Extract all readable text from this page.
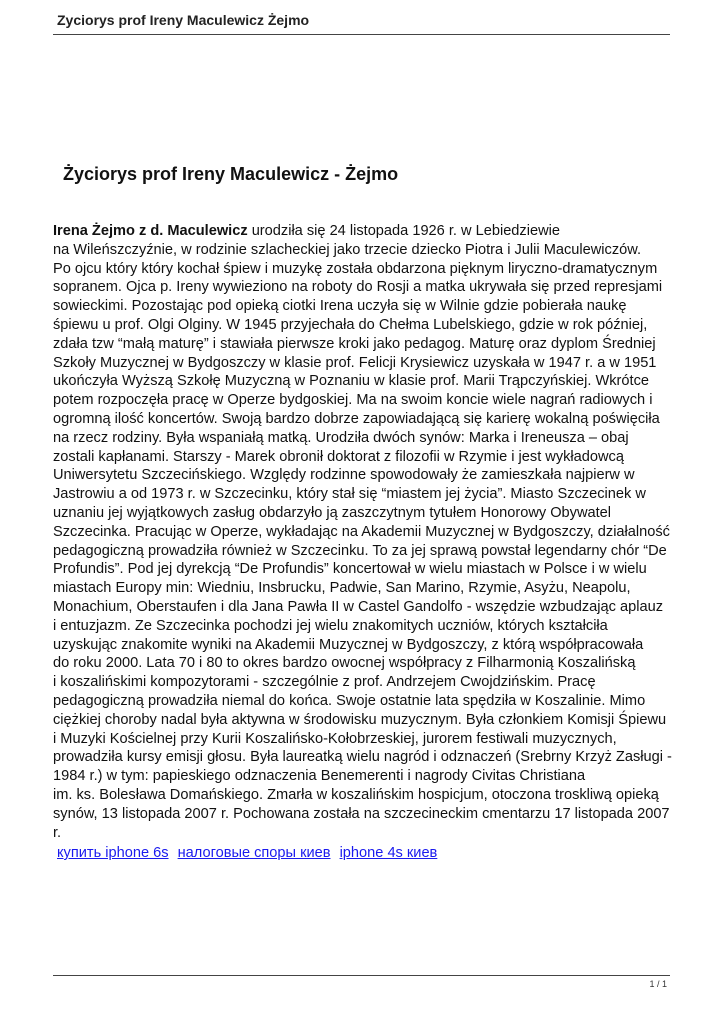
Zyciorys prof Ireny Maculewicz Żejmo
Życiorys prof Ireny Maculewicz - Żejmo
Irena Żejmo z d. Maculewicz urodziła się 24 listopada 1926 r. w Lebiedziewie
na Wileńszczyźnie, w rodzinie szlacheckiej jako trzecie dziecko Piotra i Julii Maculewiczów.
Po ojcu który który kochał śpiew i muzykę została obdarzona pięknym liryczno-dramatycznym
sopranem. Ojca p. Ireny wywieziono na roboty do Rosji a matka ukrywała się przed represjami
sowieckimi. Pozostając pod opieką ciotki Irena uczyła się w Wilnie gdzie pobierała naukę
śpiewu u prof. Olgi Olginy. W 1945 przyjechała do Chełma Lubelskiego, gdzie w rok później,
zdała tzw “małą maturę” i stawiała pierwsze kroki jako pedagog. Maturę oraz dyplom Średniej
Szkoły Muzycznej w Bydgoszczy w klasie prof. Felicji Krysiewicz uzyskała w 1947 r. a w 1951
ukończyła Wyższą Szkołę Muzyczną w Poznaniu w klasie prof. Marii Trąpczyńskiej. Wkrótce
potem rozpoczęła pracę w Operze bydgoskiej. Ma na swoim koncie wiele nagrań radiowych i
ogromną ilość koncertów. Swoją bardzo dobrze zapowiadającą się karierę wokalną poświęciła
na rzecz rodziny. Była wspaniałą matką. Urodziła dwóch synów: Marka i Ireneusza – obaj
zostali kapłanami. Starszy - Marek obronił doktorat z filozofii w Rzymie i jest wykładowcą
Uniwersytetu Szczecińskiego. Względy rodzinne spowodowały że zamieszkała najpierw w
Jastrowiu a od 1973 r. w Szczecinku, który stał się “miastem jej życia”. Miasto Szczecinek w
uznaniu jej wyjątkowych zasług obdarzyło ją zaszczytnym tytułem Honorowy Obywatel
Szczecinka. Pracując w Operze, wykładając na Akademii Muzycznej w Bydgoszczy, działalność
pedagogiczną prowadziła również w Szczecinku. To za jej sprawą powstał legendarny chór “De
Profundis”. Pod jej dyrekcją “De Profundis” koncertował w wielu miastach w Polsce i w wielu
miastach Europy min: Wiedniu, Insbrucku, Padwie, San Marino, Rzymie, Asyżu, Neapolu,
Monachium, Oberstaufen i dla Jana Pawła II w Castel Gandolfo - wszędzie wzbudzając aplauz
i entuzjazm. Ze Szczecinka pochodzi jej wielu znakomitych uczniów, których kształciła
uzyskując znakomite wyniki na Akademii Muzycznej w Bydgoszczy, z którą współpracowała
do roku 2000. Lata 70 i 80 to okres bardzo owocnej współpracy z Filharmonią Koszalińską
i koszalińskimi kompozytorami - szczególnie z prof. Andrzejem Cwojdzińskim. Pracę
pedagogiczną prowadziła niemal do końca. Swoje ostatnie lata spędziła w Koszalinie. Mimo
ciężkiej choroby nadal była aktywna w środowisku muzycznym. Była członkiem Komisji Śpiewu
i Muzyki Kościelnej przy Kurii Koszalińsko-Kołobrzeskiej, jurorem festiwali muzycznych,
prowadziła kursy emisji głosu. Była laureatką wielu nagród i odznaczeń (Srebrny Krzyż Zasługi -
1984 r.) w tym: papieskiego odznaczenia Benemerenti i nagrody Civitas Christiana
im. ks. Bolesława Domańskiego. Zmarła w koszalińskim hospicjum, otoczona troskliwą opieką
synów, 13 listopada 2007 r. Pochowana została na szczecineckim cmentarzu 17 listopada 2007
r.
купить iphone 6s налоговые споры киев iphone 4s киев
1 / 1
